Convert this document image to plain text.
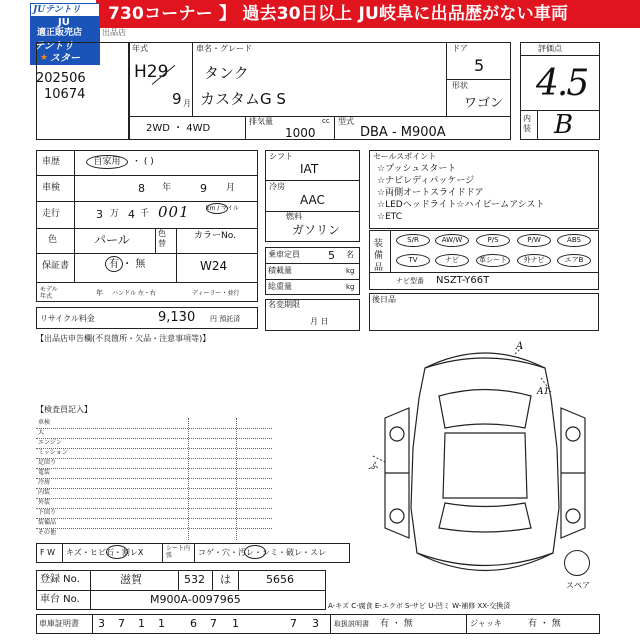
730コーナー 】 過去30日以上 JU岐阜に出品歴がない車両
JUテントリ
JU
適正販売店
テントリ
★ スター
202506
10674
出品店
年式
H29
9 月
車名・グレード
タンク
カスタムG S
ドア
5
形状
ワゴン
2WD ・ 4WD
排気量	cc
1000
型式
DBA - M900A
評価点
4.5
内装 B
車歴	自家用	・ ( )
車検	8 年	9 月
走行	3 万 4 千 001	km / マイル
色	パール	色替
カラーNo.
W24
保証書	有 ・ 無
モデル年式	年 ハンドル 左・右	ディーラー・並行
リサイクル料金	9,130 円 預託済
シフト
IAT
冷房
AAC
燃料
ガソリン
乗車定員	5 名
積載量	kg
総重量	kg
名変期限
月 日
セールスポイント
☆プッシュスタート
☆ナビレディパッケージ
☆両側オートスライドドア
☆LEDヘッドライト☆ハイビームアシスト
☆ETC
装備品
S/R	AW/W	P/S	P/W	ABS
TV	ナビ	革シート	外ナビ	エアB
ナビ型番 NSZT-Y66T
後日品
【出品店申告欄(不良箇所・欠品・注意事項等)】
【検査員記入】
車検
大
エンジン
ミッション
足回り
電装
冷房
内装
外装
下回り
装備品
その他
A
A1
ふ
スペア
F W キズ・ヒビ石・割レX	シート内張	コゲ・穴・汚レ・シミ・破レ・スレ
登録 No.	滋賀	532 は	5656
車台 No.	M900A-0097965	A-キズ C-腐食 E-エクボ S-サビ U-凹ミ W-補修 XX-交換済
車庫証明書 3 7 1 1 6 7 1	7 3 取扱説明書 有 ・ 無	ジャッキ	有 ・ 無
